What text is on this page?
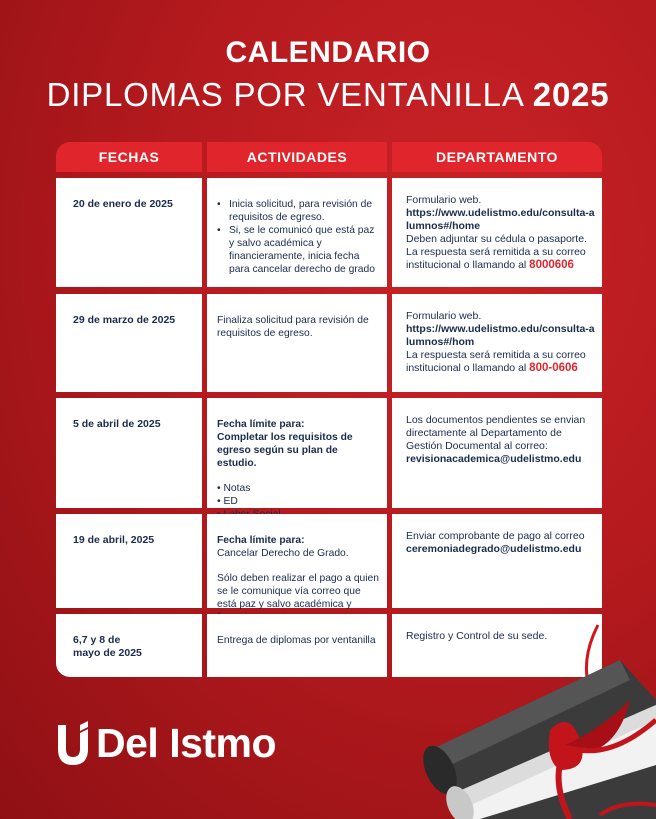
CALENDARIO
DIPLOMAS POR VENTANILLA 2025
FECHAS	ACTIVIDADES	DEPARTAMENTO
20 de enero de 2025
•	Inicia solicitud, para revisión de requisitos de egreso.
• Si, se le comunicó que está paz y salvo académica y financieramente, inicia fecha para cancelar derecho de grado
Formulario web.
https://www.udelistmo.edu/consulta-alumnos#/home
Deben adjuntar su cédula o pasaporte.
La respuesta será remitida a su correo institucional o llamando al 8000606
29 de marzo de 2025	Finaliza solicitud para revisión de requisitos de egreso.
Formulario web.
https://www.udelistmo.edu/consulta-alumnos#/hom
La respuesta será remitida a su correo institucional o llamando al 800-0606
5 de abril de 2025	Fecha límite para:
Completar los requisitos de egreso según su plan de estudio.
• Notas
• ED
Los documentos pendientes se envian directamente al Departamento de Gestión Documental al correo:
revisionacademica@udelistmo.edu
19 de abril, 2025	Fecha límite para:
Cancelar Derecho de Grado.
Sólo deben realizar el pago a quien se le comunique vía correo que está paz y salvo académica y
Enviar comprobante de pago al correo
ceremoniadegrado@udelistmo.edu
6,7 y 8 de mayo de 2025
Entrega de diplomas por ventanilla	Registro y Control de su sede.
Del Istmo
